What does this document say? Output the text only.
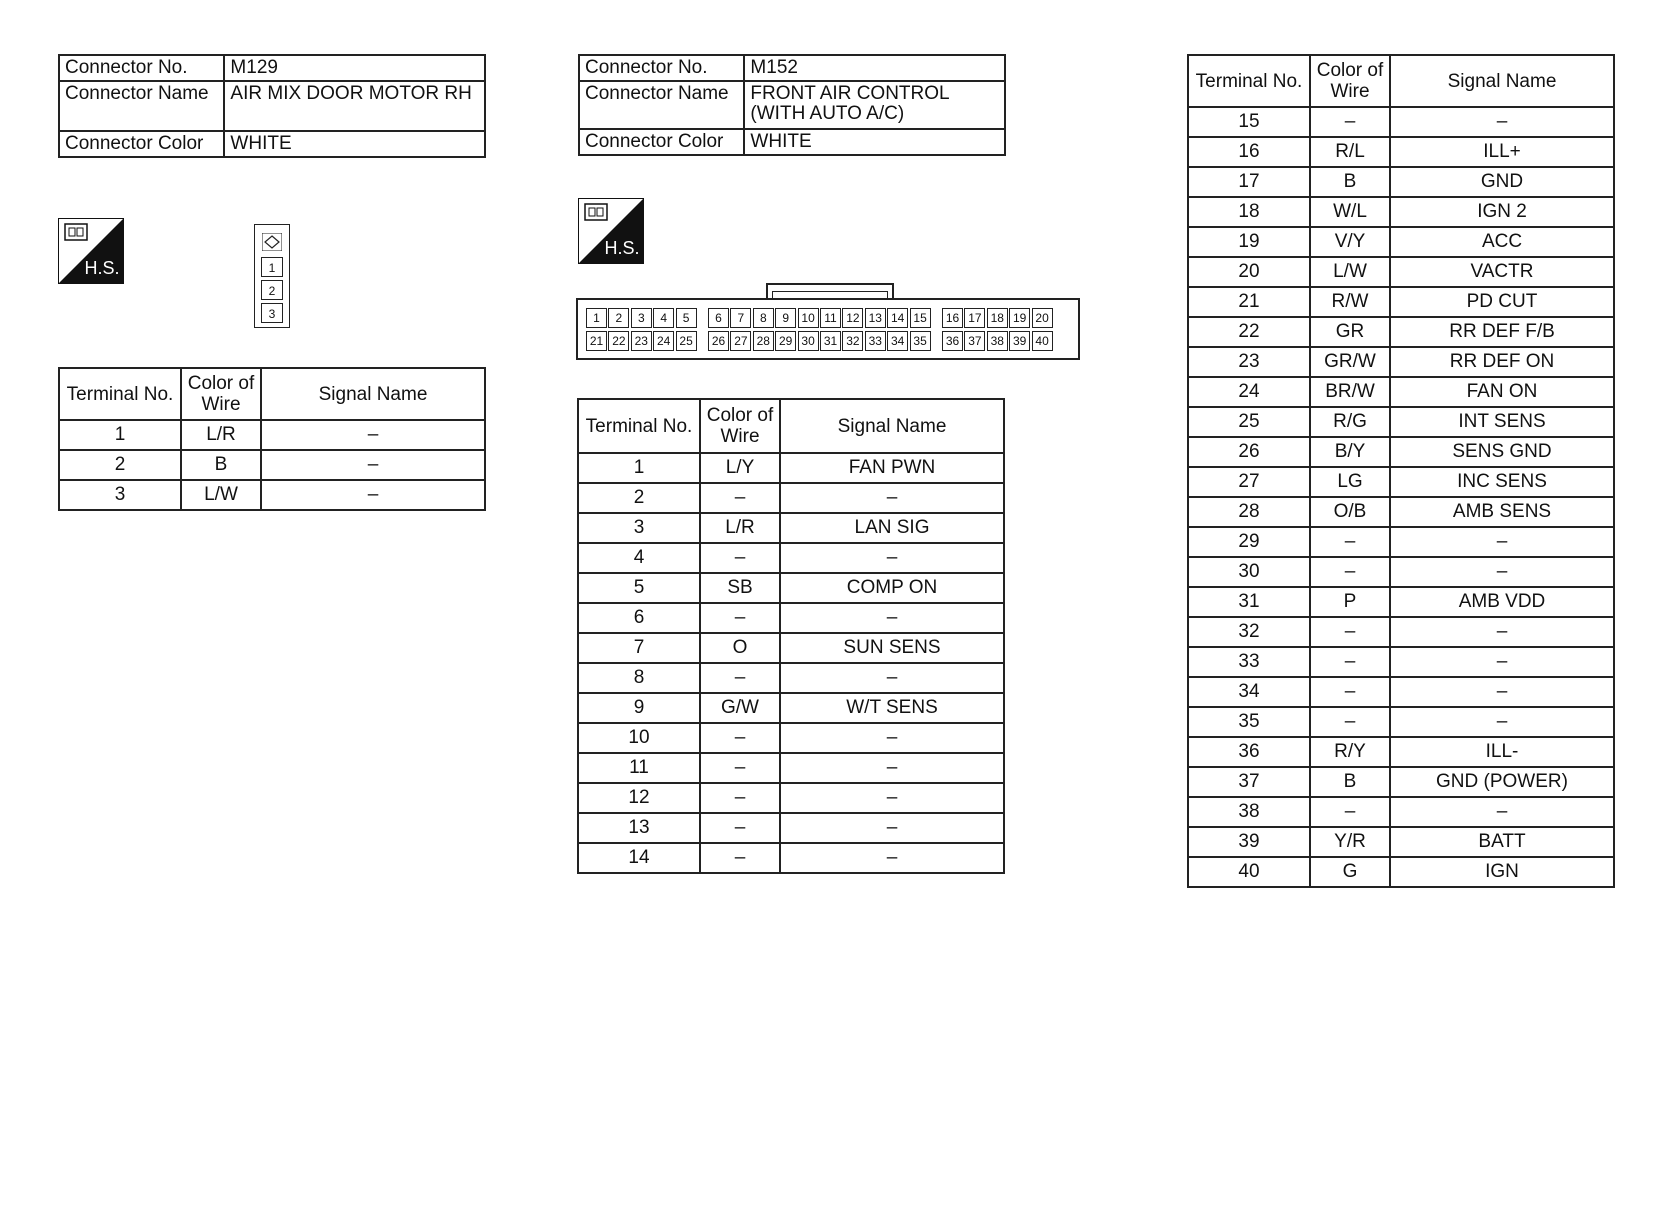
Connector No.	M129
Connector Name	AIR MIX DOOR MOTOR RH
Connector Color	WHITE
H.S.	1
2
3
Terminal No.	Color of Wire	Signal Name
1	L/R	–
2	B	–
3	L/W	–
Connector No.	M152
Connector Name	FRONT AIR CONTROL (WITH AUTO A/C)
Connector Color	WHITE
H.S.
1	2	3	4	5	6	7	8	9	10 11 12 13 14 15	16 17 18 19 20
21 22 23 24 25	26 27 28 29 30 31 32 33 34 35	36 37 38 39 40
Terminal No.	Color of Wire	Signal Name
1	L/Y	FAN PWN
2	–	–
3	L/R	LAN SIG
4	–	–
5	SB	COMP ON
6	–	–
7	O	SUN SENS
8	–	–
9	G/W	W/T SENS
10	–	–
11	–	–
12	–	–
13	–	–
14	–	–
Terminal No.	Color of Wire	Signal Name
15	–	–
16	R/L	ILL+
17	B	GND
18	W/L	IGN 2
19	V/Y	ACC
20	L/W	VACTR
21	R/W	PD CUT
22	GR	RR DEF F/B
23	GR/W	RR DEF ON
24	BR/W	FAN ON
25	R/G	INT SENS
26	B/Y	SENS GND
27	LG	INC SENS
28	O/B	AMB SENS
29	–	–
30	–	–
31	P	AMB VDD
32	–	–
33	–	–
34	–	–
35	–	–
36	R/Y	ILL-
37	B	GND (POWER)
38	–	–
39	Y/R	BATT
40	G	IGN
